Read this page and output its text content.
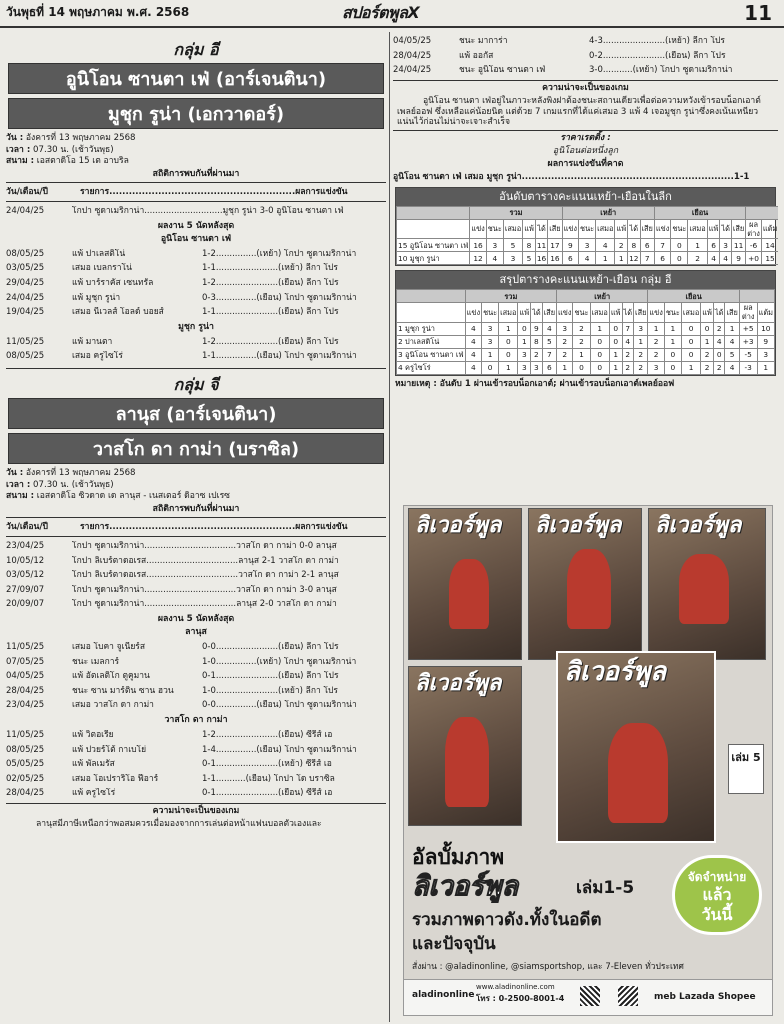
วันพุธที่ 14 พฤษภาคม พ.ศ. 2568	สปอร์ตพูลX	11
กลุ่ม อี
อูนิโอน ซานตา เฟ่ (อาร์เจนตินา)
มูชุก รูน่า (เอกวาดอร์)
วัน : อังคารที่ 13 พฤษภาคม 2568
เวลา : 07.30 น. (เช้าวันพุธ)
สนาม : เอสตาดิโอ 15 เต อาบริล
สถิติการพบกันที่ผ่านมา
วัน/เดือน/ปี	รายการ.........................................................ผลการแข่งขัน
24/04/25	โกปา ซูดาเมริกาน่า.............................มูชุก รูน่า 3-0 อูนิโอน ซานตา เฟ่
ผลงาน 5 นัดหลังสุด
อูนิโอน ซานตา เฟ่
08/05/25	แพ้ ปาเลสติโน่	1-2...............(เหย้า) โกปา ซูดาเมริกาน่า
03/05/25	เสมอ เบลกราโน่	1-1.......................(เหย้า) ลีกา โปร
29/04/25	แพ้ บาร์ราคัส เซนทรัล	1-2.......................(เยือน) ลีกา โปร
24/04/25	แพ้ มูชุก รูน่า	0-3...............(เยือน) โกปา ซูดาเมริกาน่า
19/04/25	เสมอ นีเวลส์ โอลด์ บอยส์	1-1.......................(เยือน) ลีกา โปร
มูชุก รูน่า
11/05/25	แพ้ มานตา	1-2.......................(เยือน) ลีกา โปร
08/05/25	เสมอ ครูไซโร่	1-1...............(เยือน) โกปา ซูดาเมริกาน่า
กลุ่ม จี
ลานุส (อาร์เจนตินา)
วาสโก ดา กาม่า (บราซิล)
วัน : อังคารที่ 13 พฤษภาคม 2568
เวลา : 07.30 น. (เช้าวันพุธ)
สนาม : เอสตาดิโอ ซิวดาด เด ลานุส - เนสเตอร์ ดิอาซ เปเรซ
สถิติการพบกันที่ผ่านมา
วัน/เดือน/ปี	รายการ.........................................................ผลการแข่งขัน
23/04/25	โกปา ซูดาเมริกาน่า..................................วาสโก ดา กาม่า 0-0 ลานุส
10/05/12	โกปา ลิเบร์ตาดอเรส..................................ลานุส 2-1 วาสโก ดา กาม่า
03/05/12	โกปา ลิเบร์ตาดอเรส..................................วาสโก ดา กาม่า 2-1 ลานุส
27/09/07	โกปา ซูดาเมริกาน่า..................................วาสโก ดา กาม่า 3-0 ลานุส
20/09/07	โกปา ซูดาเมริกาน่า..................................ลานุส 2-0 วาสโก ดา กาม่า
ผลงาน 5 นัดหลังสุด
ลานุส
11/05/25	เสมอ โบคา จูเนียร์ส	0-0.......................(เยือน) ลีกา โปร
07/05/25	ชนะ เมลการ์	1-0...............(เหย้า) โกปา ซูดาเมริกาน่า
04/05/25	แพ้ อัตเลติโก ตูคูมาน	0-1.......................(เยือน) ลีกา โปร
28/04/25	ชนะ ซาน มาร์ติน ซาน ฮวน	1-0.......................(เหย้า) ลีกา โปร
23/04/25	เสมอ วาสโก ดา กาม่า	0-0...............(เยือน) โกปา ซูดาเมริกาน่า
วาสโก ดา กาม่า
11/05/25	แพ้ วิตอเรีย	1-2.......................(เยือน) ซีรีส์ เอ
08/05/25	แพ้ ปวยร์โต้ กาเบโย่	1-4...............(เยือน) โกปา ซูดาเมริกาน่า
05/05/25	แพ้ พัลเมรัส	0-1.......................(เหย้า) ซีรีส์ เอ
02/05/25	เสมอ โอเปราริโอ ฟีอาร์	1-1...........(เยือน) โกปา โด บราซิล
28/04/25	แพ้ ครูไซโร่	0-1.......................(เยือน) ซีรีส์ เอ
ความน่าจะเป็นของเกม
ลานุสมีภาษีเหนือกว่าพอสมควรเมื่อมองจากการเล่นต่อหน้าแฟนบอลตัวเองและ
04/05/25	ชนะ มาการ่า	4-3.......................(เหย้า) ลีกา โปร
28/04/25	แพ้ ออกัส	0-2.......................(เยือน) ลีกา โปร
24/04/25	ชนะ อูนิโอน ซานตา เฟ่	3-0...........(เหย้า) โกปา ซูดาเมริกาน่า
ความน่าจะเป็นของเกม
อูนิโอน ซานตา เฟ่อยู่ในภาวะหลังพิงฝาต้องชนะสถานเดียวเพื่อต่อความหวังเข้ารอบน็อกเอาต์เพลย์ออฟ ซึ่งเหลือแค่น้อยนิด แต่ด้วย 7 เกมแรกที่ได้แค่เสมอ 3 แพ้ 4 เจอมูชุก รูน่าซึ่งคงเน้นเหนียวแน่นไว้ก่อนไม่น่าจะเจาะสำเร็จ
ราคาเรตติ้ง :
อูนิโอนต่อหนึ่งลูก
ผลการแข่งขันที่คาด
อูนิโอน ซานตา เฟ่ เสมอ มูชุก รูน่า.................................................................1-1
อันดับตารางคะแนนเหย้า-เยือนในลีก
	รวม						เหย้า						เยือน							
	แข่ง	ชนะ	เสมอ	แพ้	ได้	เสีย	แข่ง	ชนะ	เสมอ	แพ้	ได้	เสีย	แข่ง	ชนะ	เสมอ	แพ้	ได้	เสีย	ผลต่าง	แต้ม
15 อูนิโอน ซานตา เฟ่	16	3	5	8	11	17	9	3	4	2	8	6	7	0	1	6	3	11	-6	14
10 มูชุก รูน่า	12	4	3	5	16	16	6	4	1	1	12	7	6	0	2	4	4	9	+0	15
สรุปตารางคะแนนเหย้า-เยือน กลุ่ม อี
	รวม						เหย้า						เยือน							
	แข่ง	ชนะ	เสมอ	แพ้	ได้	เสีย	แข่ง	ชนะ	เสมอ	แพ้	ได้	เสีย	แข่ง	ชนะ	เสมอ	แพ้	ได้	เสีย	ผลต่าง	แต้ม
1 มูชุก รูน่า	4	3	1	0	9	4	3	2	1	0	7	3	1	1	0	0	2	1	+5	10
2 ปาเลสติโน่	4	3	0	1	8	5	2	2	0	0	4	1	2	1	0	1	4	4	+3	9
3 อูนิโอน ซานตา เฟ่	4	1	0	3	2	7	2	1	0	1	2	2	2	0	0	2	0	5	-5	3
4 ครูไซโร่	4	0	1	3	3	6	1	0	0	1	2	2	3	0	1	2	2	4	-3	1
หมายเหตุ : อันดับ 1 ผ่านเข้ารอบน็อกเอาต์; ผ่านเข้ารอบน็อกเอาต์เพลย์ออฟ
ลิเวอร์พูล ลิเวอร์พูล ลิเวอร์พูล
ลิเวอร์พูล ลิเวอร์พูล
เล่ม 5
อัลบั้มภาพ
ลิเวอร์พูล	เล่ม1-5
รวมภาพดาวดัง.ทั้งในอดีต
และปัจจุบัน
จัดจำหน่าย
แล้ว
วันนี้
สั่งผ่าน : @aladinonline, @siamsportshop, และ 7-Eleven ทั่วประเทศ
aladinonline
www.aladinonline.com
โทร : 0-2500-8001-4	meb Lazada Shopee
